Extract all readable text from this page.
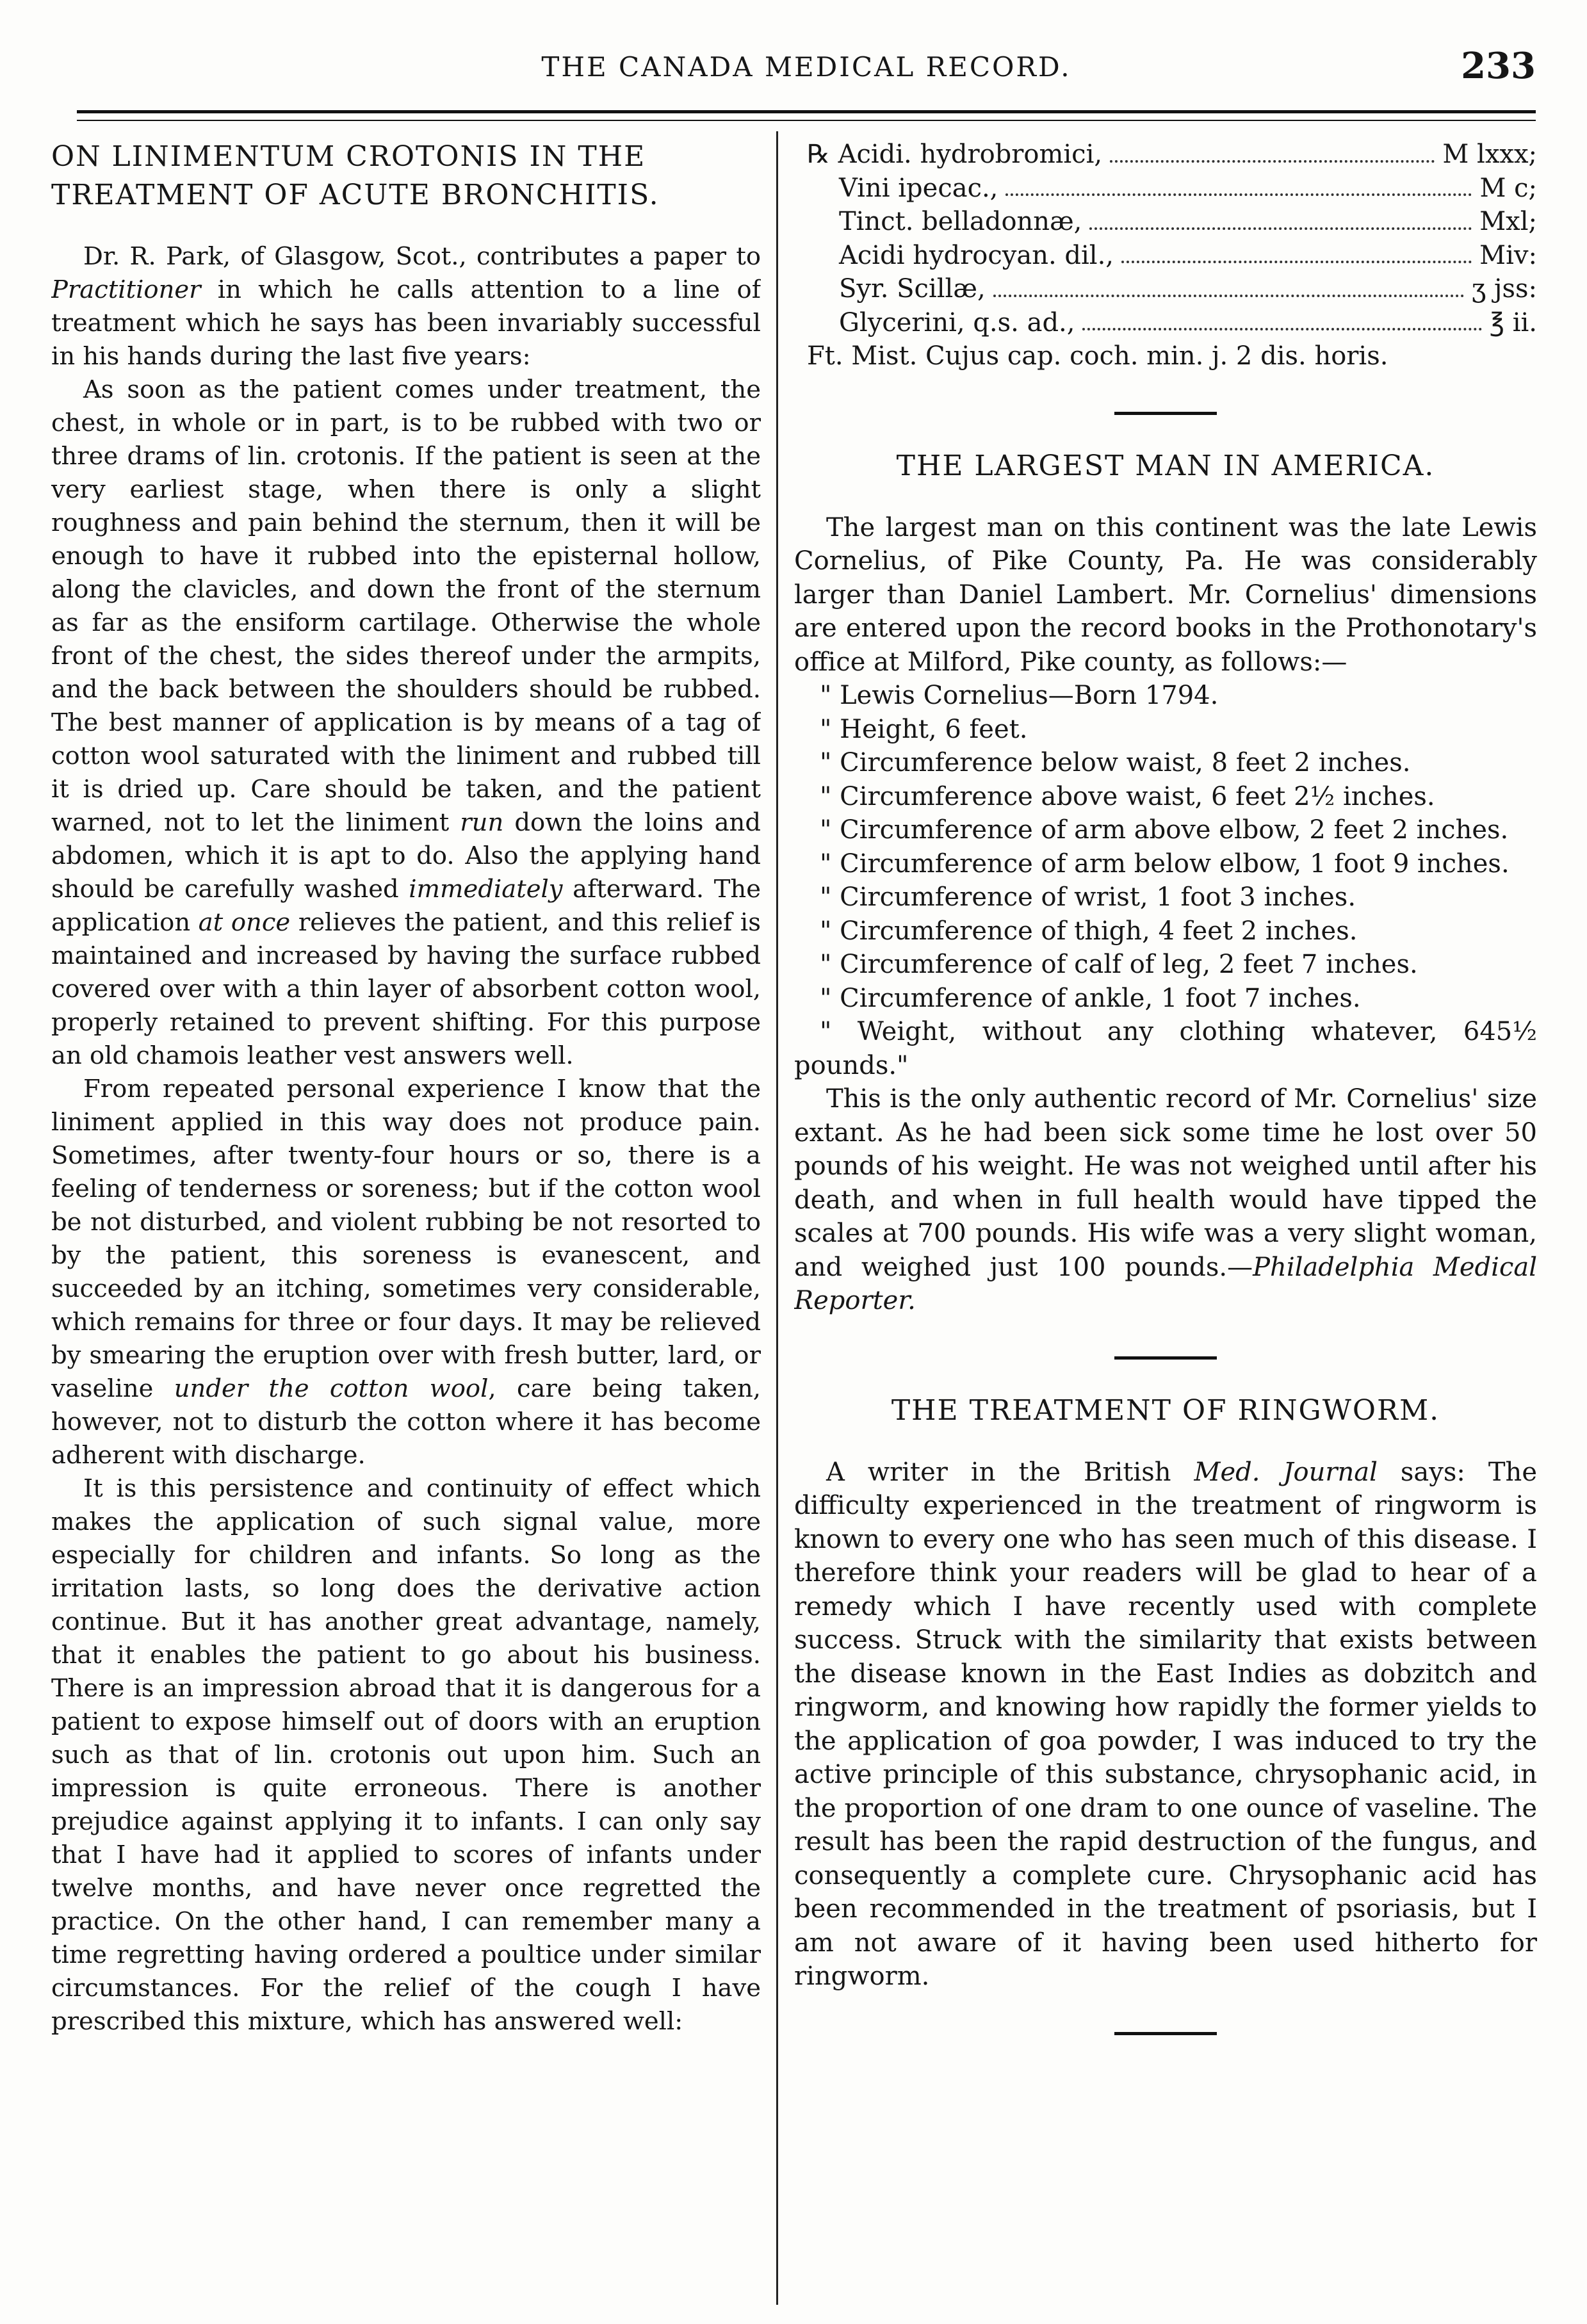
THE CANADA MEDICAL RECORD.	233
ON LINIMENTUM CROTONIS IN THE TREATMENT OF ACUTE BRONCHITIS.

Dr. R. Park, of Glasgow, Scot., contributes a paper to Practitioner in which he calls attention to a line of treatment which he says has been invariably successful in his hands during the last five years:

As soon as the patient comes under treatment, the chest, in whole or in part, is to be rubbed with two or three drams of lin. crotonis. If the patient is seen at the very earliest stage, when there is only a slight roughness and pain behind the sternum, then it will be enough to have it rubbed into the episternal hollow, along the clavicles, and down the front of the sternum as far as the ensiform cartilage. Otherwise the whole front of the chest, the sides thereof under the armpits, and the back between the shoulders should be rubbed. The best manner of application is by means of a tag of cotton wool saturated with the liniment and rubbed till it is dried up. Care should be taken, and the patient warned, not to let the liniment run down the loins and abdomen, which it is apt to do. Also the applying hand should be carefully washed immediately afterward. The application at once relieves the patient, and this relief is maintained and increased by having the surface rubbed covered over with a thin layer of absorbent cotton wool, properly retained to prevent shifting. For this purpose an old chamois leather vest answers well.

From repeated personal experience I know that the liniment applied in this way does not produce pain. Sometimes, after twenty-four hours or so, there is a feeling of tenderness or soreness; but if the cotton wool be not disturbed, and violent rubbing be not resorted to by the patient, this soreness is evanescent, and succeeded by an itching, sometimes very considerable, which remains for three or four days. It may be relieved by smearing the eruption over with fresh butter, lard, or vaseline under the cotton wool, care being taken, however, not to disturb the cotton where it has become adherent with discharge.

It is this persistence and continuity of effect which makes the application of such signal value, more especially for children and infants. So long as the irritation lasts, so long does the derivative action continue. But it has another great advantage, namely, that it enables the patient to go about his business. There is an impression abroad that it is dangerous for a patient to expose himself out of doors with an eruption such as that of lin. crotonis out upon him. Such an impression is quite erroneous. There is another prejudice against applying it to infants. I can only say that I have had it applied to scores of infants under twelve months, and have never once regretted the practice. On the other hand, I can remember many a time regretting having ordered a poultice under similar circumstances. For the relief of the cough I have prescribed this mixture, which has answered well:

℞ Acidi. hydrobromici,	M lxxx;
Vini ipecac.,	M c;
Tinct. belladonnæ,	Mxl;
Acidi hydrocyan. dil.,	Miv:
Syr. Scillæ,	ʒ jss:
Glycerini, q.s. ad.,	℥ ii.
Ft. Mist. Cujus cap. coch. min. j. 2 dis. horis.
THE LARGEST MAN IN AMERICA.

The largest man on this continent was the late Lewis Cornelius, of Pike County, Pa. He was considerably larger than Daniel Lambert. Mr. Cornelius' dimensions are entered upon the record books in the Prothonotary's office at Milford, Pike county, as follows:—

" Lewis Cornelius—Born 1794.

" Height, 6 feet.

" Circumference below waist, 8 feet 2 inches.

" Circumference above waist, 6 feet 2½ inches.

" Circumference of arm above elbow, 2 feet 2 inches.

" Circumference of arm below elbow, 1 foot 9 inches.

" Circumference of wrist, 1 foot 3 inches.

" Circumference of thigh, 4 feet 2 inches.

" Circumference of calf of leg, 2 feet 7 inches.

" Circumference of ankle, 1 foot 7 inches.

" Weight, without any clothing whatever, 645½ pounds."

This is the only authentic record of Mr. Cornelius' size extant. As he had been sick some time he lost over 50 pounds of his weight. He was not weighed until after his death, and when in full health would have tipped the scales at 700 pounds. His wife was a very slight woman, and weighed just 100 pounds.—Philadelphia Medical Reporter.

THE TREATMENT OF RINGWORM.

A writer in the British Med. Journal says: The difficulty experienced in the treatment of ringworm is known to every one who has seen much of this disease. I therefore think your readers will be glad to hear of a remedy which I have recently used with complete success. Struck with the similarity that exists between the disease known in the East Indies as dobzitch and ringworm, and knowing how rapidly the former yields to the application of goa powder, I was induced to try the active principle of this substance, chrysophanic acid, in the proportion of one dram to one ounce of vaseline. The result has been the rapid destruction of the fungus, and consequently a complete cure. Chrysophanic acid has been recommended in the treatment of psoriasis, but I am not aware of it having been used hitherto for ringworm.
